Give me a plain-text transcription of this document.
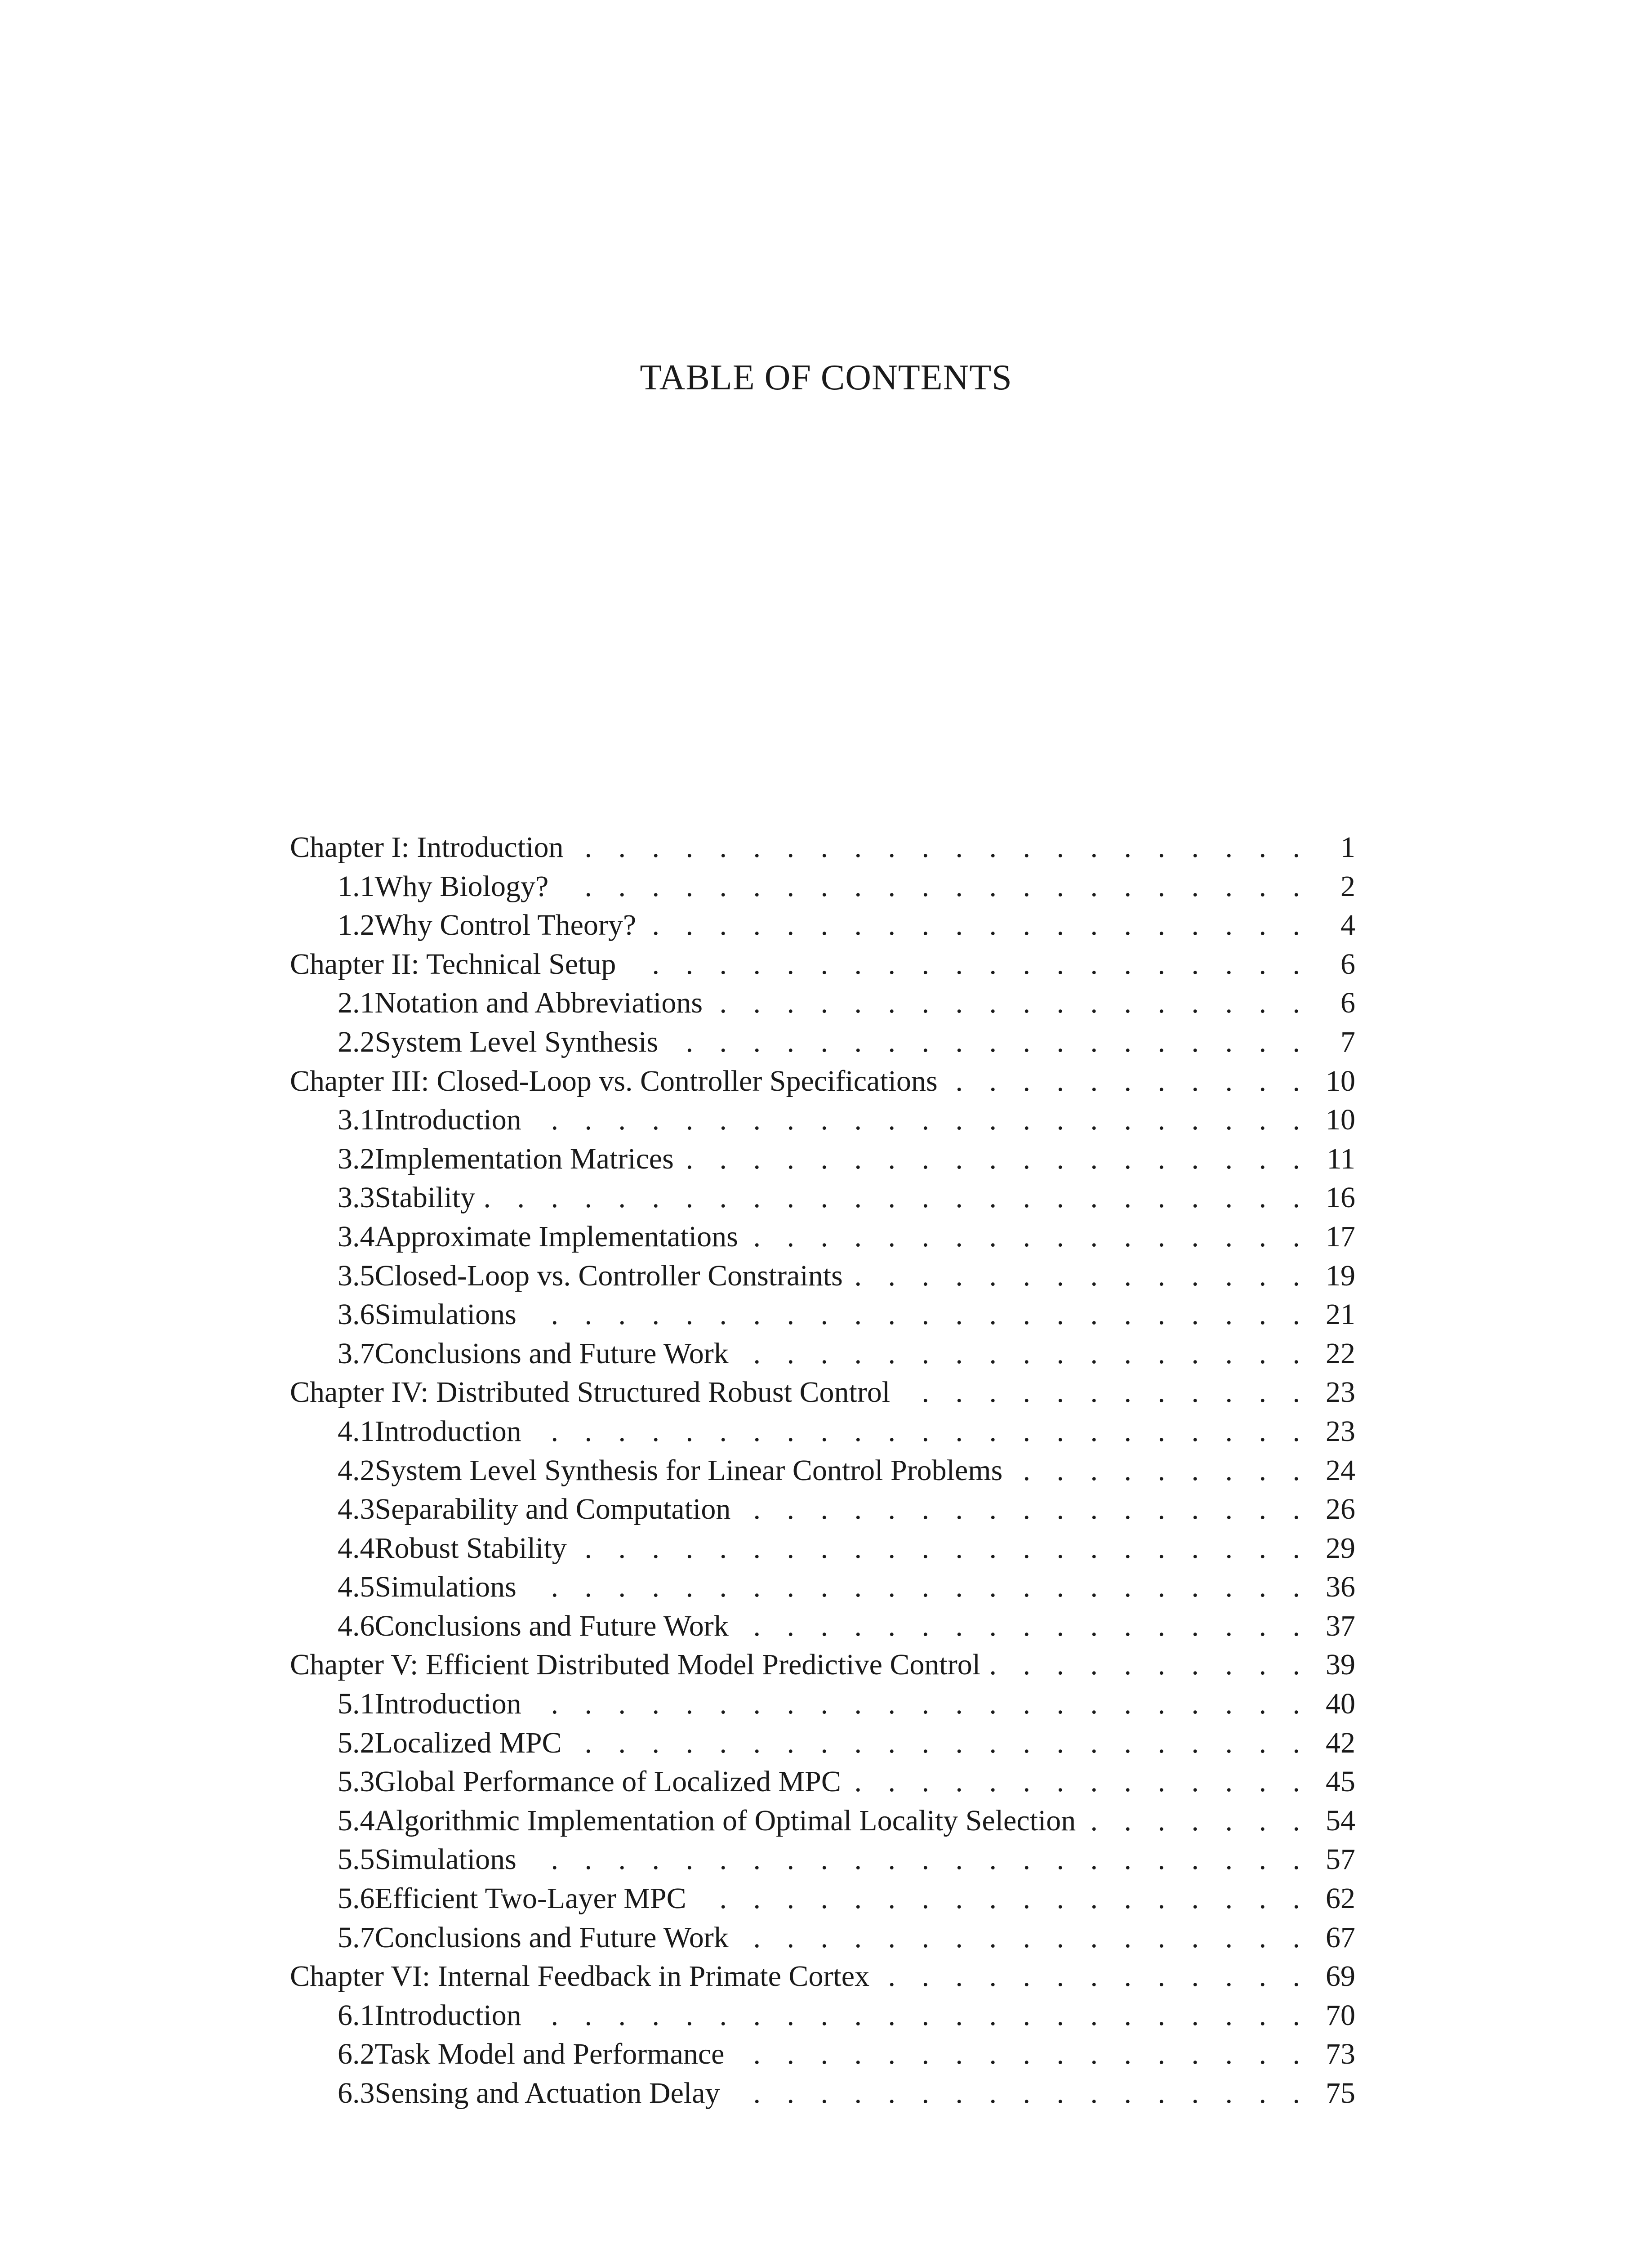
TABLE OF CONTENTS
Chapter I: Introduction . . .	1
1.1 Why Biology? . . .	2
1.2 Why Control Theory? . . .	4
Chapter II: Technical Setup . . .	6
2.1 Notation and Abbreviations . . .	6
2.2 System Level Synthesis . . .	7
Chapter III: Closed-Loop vs. Controller Specifications . . .	10
3.1 Introduction . . .	10
3.2 Implementation Matrices . . .	11
3.3 Stability . . .	16
3.4 Approximate Implementations . . .	17
3.5 Closed-Loop vs. Controller Constraints . . .	19
3.6 Simulations . . .	21
3.7 Conclusions and Future Work . . .	22
Chapter IV: Distributed Structured Robust Control . . .	23
4.1 Introduction . . .	23
4.2 System Level Synthesis for Linear Control Problems . . .	24
4.3 Separability and Computation . . .	26
4.4 Robust Stability . . .	29
4.5 Simulations . . .	36
4.6 Conclusions and Future Work . . .	37
Chapter V: Efficient Distributed Model Predictive Control . . .	39
5.1 Introduction . . .	40
5.2 Localized MPC . . .	42
5.3 Global Performance of Localized MPC . . .	45
5.4 Algorithmic Implementation of Optimal Locality Selection . . .	54
5.5 Simulations . . .	57
5.6 Efficient Two-Layer MPC . . .	62
5.7 Conclusions and Future Work . . .	67
Chapter VI: Internal Feedback in Primate Cortex . . .	69
6.1 Introduction . . .	70
6.2 Task Model and Performance . . .	73
6.3 Sensing and Actuation Delay . . .	75
